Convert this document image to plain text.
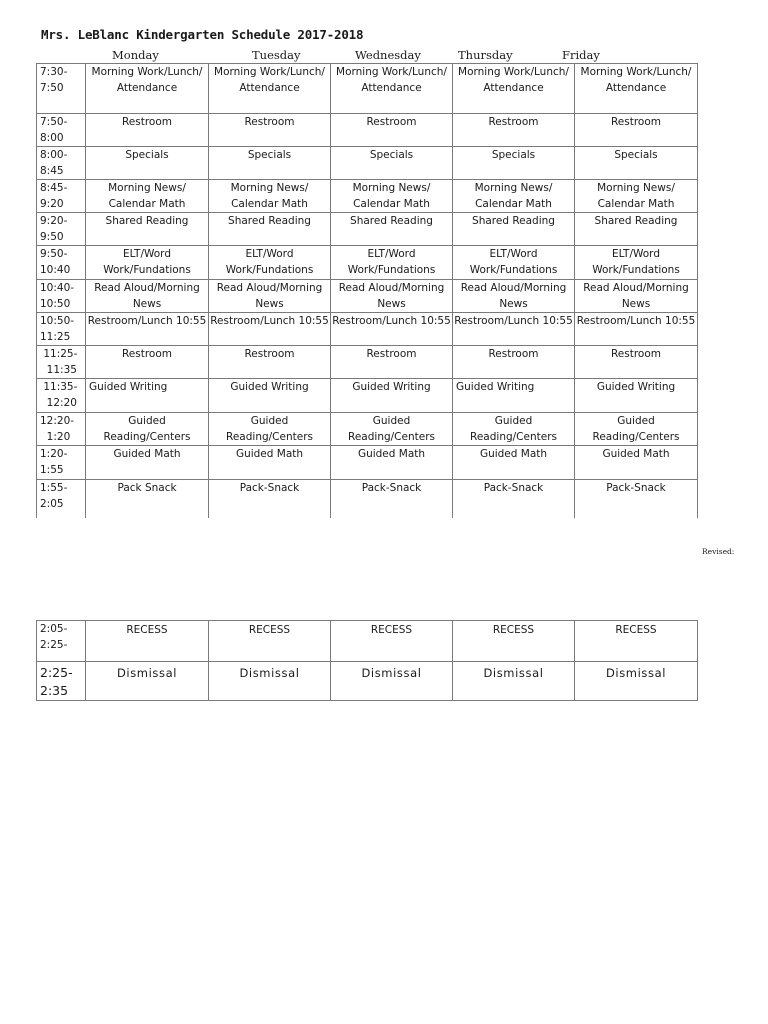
Mrs. LeBlanc Kindergarten Schedule 2017-2018
Monday	Tuesday	Wednesday	Thursday	Friday
7:30-
7:50	Morning Work/Lunch/ Attendance	Morning Work/Lunch/ Attendance	Morning Work/Lunch/ Attendance	Morning Work/Lunch/ Attendance	Morning Work/Lunch/ Attendance
7:50-
8:00	Restroom	Restroom	Restroom	Restroom	Restroom
8:00-
8:45	Specials	Specials	Specials	Specials	Specials
8:45-
9:20	Morning News/ Calendar Math	Morning News/ Calendar Math	Morning News/ Calendar Math	Morning News/ Calendar Math	Morning News/ Calendar Math
9:20-
9:50	Shared Reading	Shared Reading	Shared Reading	Shared Reading	Shared Reading
9:50-
10:40	ELT/Word Work/Fundations	ELT/Word Work/Fundations	ELT/Word Work/Fundations	ELT/Word Work/Fundations	ELT/Word Work/Fundations
10:40-
10:50	Read Aloud/Morning News	Read Aloud/Morning News	Read Aloud/Morning News	Read Aloud/Morning News	Read Aloud/Morning News
10:50-
11:25	Restroom/Lunch 10:55	Restroom/Lunch 10:55	Restroom/Lunch 10:55	Restroom/Lunch 10:55	Restroom/Lunch 10:55
11:25-
11:35	Restroom	Restroom	Restroom	Restroom	Restroom
11:35-
12:20	Guided Writing	Guided Writing	Guided Writing	Guided Writing	Guided Writing
12:20-
1:20	Guided Reading/Centers	Guided Reading/Centers	Guided Reading/Centers	Guided Reading/Centers	Guided Reading/Centers
1:20-
1:55	Guided Math	Guided Math	Guided Math	Guided Math	Guided Math
1:55-
2:05	Pack Snack	Pack-Snack	Pack-Snack	Pack-Snack	Pack-Snack
Revised:
2:05-
2:25-	RECESS	RECESS	RECESS	RECESS	RECESS
2:25-
2:35	Dismissal	Dismissal	Dismissal	Dismissal	Dismissal
